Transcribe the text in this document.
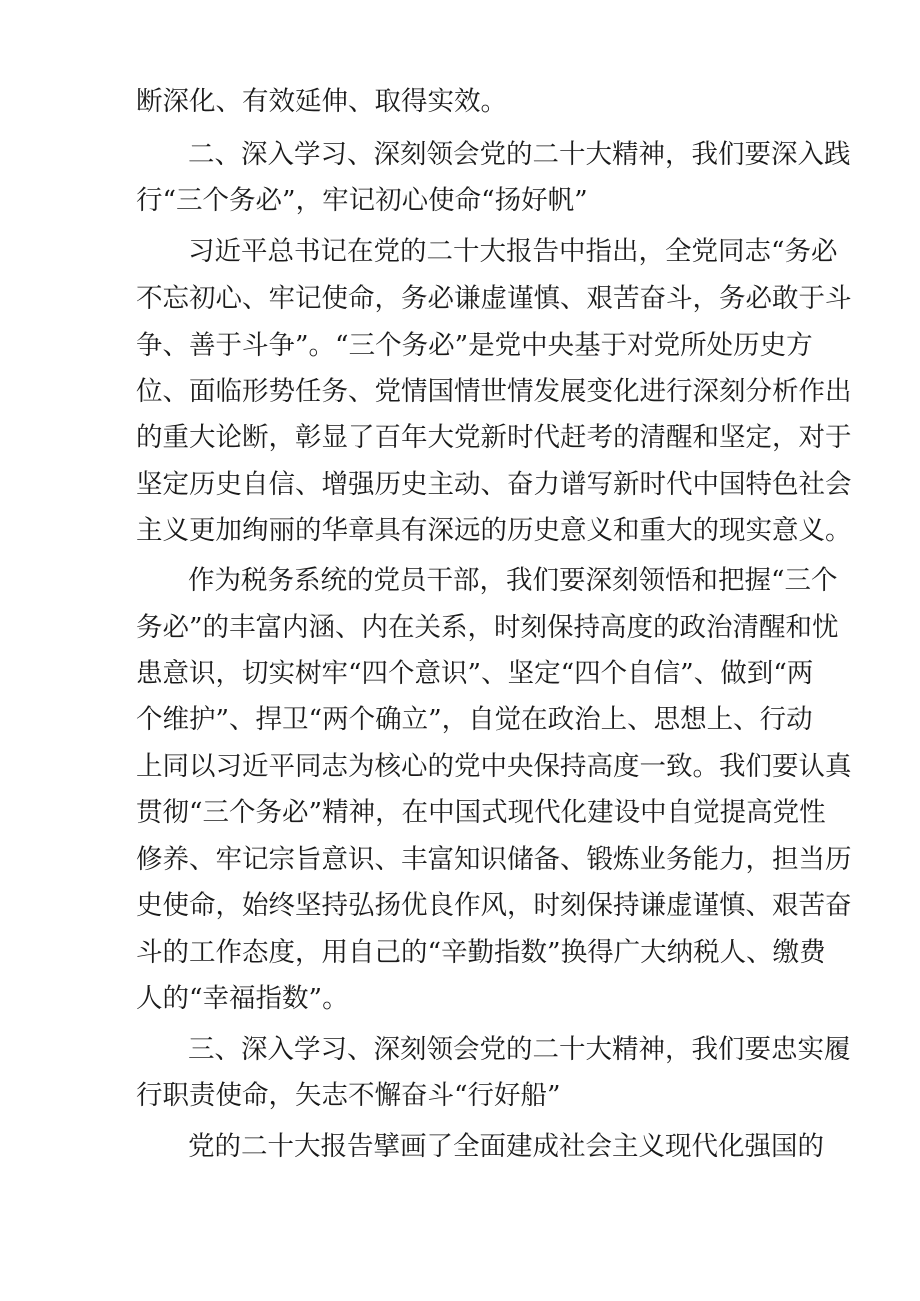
断深化、有效延伸、取得实效。
二、深入学习、深刻领会党的二十大精神，我们要深入践
行“三个务必”，牢记初心使命“扬好帆”
习近平总书记在党的二十大报告中指出，全党同志“务必
不忘初心、牢记使命，务必谦虚谨慎、艰苦奋斗，务必敢于斗
争、善于斗争”。“三个务必”是党中央基于对党所处历史方
位、面临形势任务、党情国情世情发展变化进行深刻分析作出
的重大论断，彰显了百年大党新时代赶考的清醒和坚定，对于
坚定历史自信、增强历史主动、奋力谱写新时代中国特色社会
主义更加绚丽的华章具有深远的历史意义和重大的现实意义。
作为税务系统的党员干部，我们要深刻领悟和把握“三个
务必”的丰富内涵、内在关系，时刻保持高度的政治清醒和忧
患意识，切实树牢“四个意识”、坚定“四个自信”、做到“两
个维护”、捍卫“两个确立”，自觉在政治上、思想上、行动
上同以习近平同志为核心的党中央保持高度一致。我们要认真
贯彻“三个务必”精神，在中国式现代化建设中自觉提高党性
修养、牢记宗旨意识、丰富知识储备、锻炼业务能力，担当历
史使命，始终坚持弘扬优良作风，时刻保持谦虚谨慎、艰苦奋
斗的工作态度，用自己的“辛勤指数”换得广大纳税人、缴费
人的“幸福指数”。
三、深入学习、深刻领会党的二十大精神，我们要忠实履
行职责使命，矢志不懈奋斗“行好船”
党的二十大报告擘画了全面建成社会主义现代化强国的
